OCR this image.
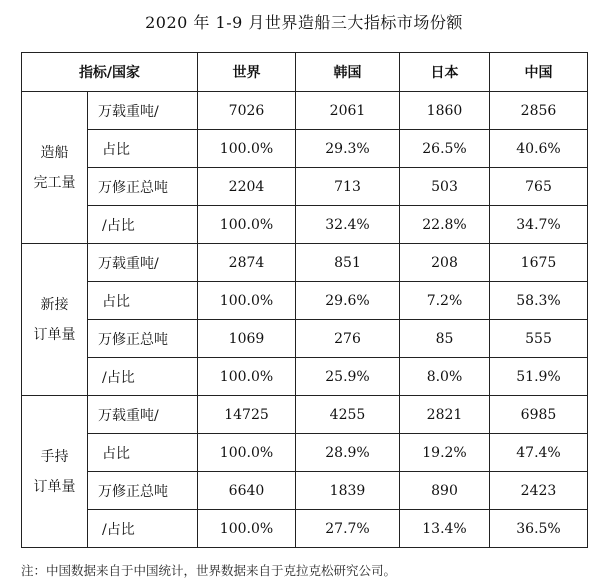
2020 年 1-9 月世界造船三大指标市场份额
指标/国家		世界	韩国	日本	中国

造船
完工量	万载重吨/	7026	2061	1860	2856
	占比	100.0%	29.3%	26.5%	40.6%
	万修正总吨	2204	713	503	765
	/占比	100.0%	32.4%	22.8%	34.7%

新接
订单量	万载重吨/	2874	851	208	1675
	占比	100.0%	29.6%	7.2%	58.3%
	万修正总吨	1069	276	85	555
	/占比	100.0%	25.9%	8.0%	51.9%

手持
订单量	万载重吨/	14725	4255	2821	6985
	占比	100.0%	28.9%	19.2%	47.4%
	万修正总吨	6640	1839	890	2423
	/占比	100.0%	27.7%	13.4%	36.5%
注：中国数据来自于中国统计，世界数据来自于克拉克松研究公司。
